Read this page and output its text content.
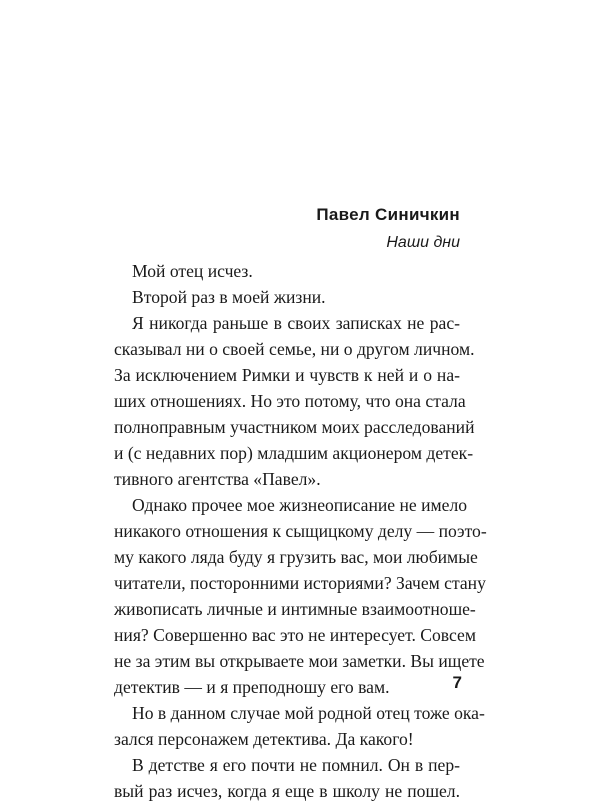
Павел Синичкин
Наши дни
Мой отец исчез.
Второй раз в моей жизни.
Я никогда раньше в своих записках не рас-
сказывал ни о своей семье, ни о другом личном.
За исключением Римки и чувств к ней и о на-
ших отношениях. Но это потому, что она стала
полноправным участником моих расследований
и (с недавних пор) младшим акционером детек-
тивного агентства «Павел».
Однако прочее мое жизнеописание не имело
никакого отношения к сыщицкому делу — поэто-
му какого ляда буду я грузить вас, мои любимые
читатели, посторонними историями? Зачем стану
живописать личные и интимные взаимоотноше-
ния? Совершенно вас это не интересует. Совсем
не за этим вы открываете мои заметки. Вы ищете
детектив — и я преподношу его вам.
Но в данном случае мой родной отец тоже ока-
зался персонажем детектива. Да какого!
В детстве я его почти не помнил. Он в пер-
вый раз исчез, когда я еще в школу не пошел.
7
